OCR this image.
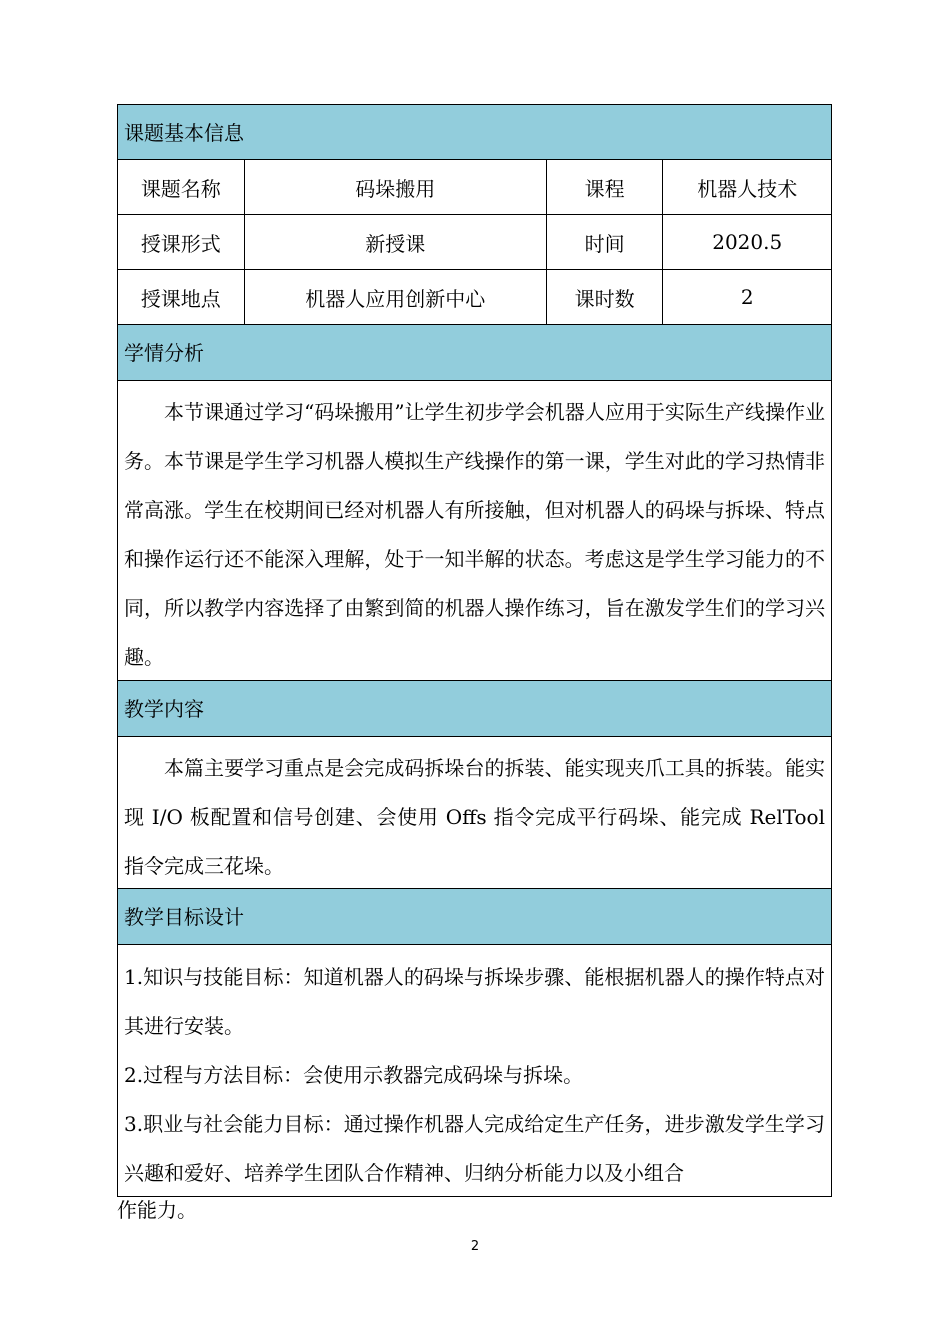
课题基本信息
课题名称	码垛搬用	课程	机器人技术
授课形式	新授课	时间	2020.5
授课地点	机器人应用创新中心	课时数	2
学情分析
本节课通过学习“码垛搬用”让学生初步学会机器人应用于实际生产线操作业务。本节课是学生学习机器人模拟生产线操作的第一课，学生对此的学习热情非常高涨。学生在校期间已经对机器人有所接触，但对机器人的码垛与拆垛、特点和操作运行还不能深入理解，处于一知半解的状态。考虑这是学生学习能力的不同，所以教学内容选择了由繁到简的机器人操作练习，旨在激发学生们的学习兴趣。
教学内容
本篇主要学习重点是会完成码拆垛台的拆装、能实现夹爪工具的拆装。能实现 I/O 板配置和信号创建、会使用 Offs 指令完成平行码垛、能完成 RelTool 指令完成三花垛。
教学目标设计
1.知识与技能目标：知道机器人的码垛与拆垛步骤、能根据机器人的操作特点对其进行安装。
2.过程与方法目标：会使用示教器完成码垛与拆垛。
3.职业与社会能力目标：通过操作机器人完成给定生产任务，进步激发学生学习兴趣和爱好、培养学生团队合作精神、归纳分析能力以及小组合
作能力。
2
